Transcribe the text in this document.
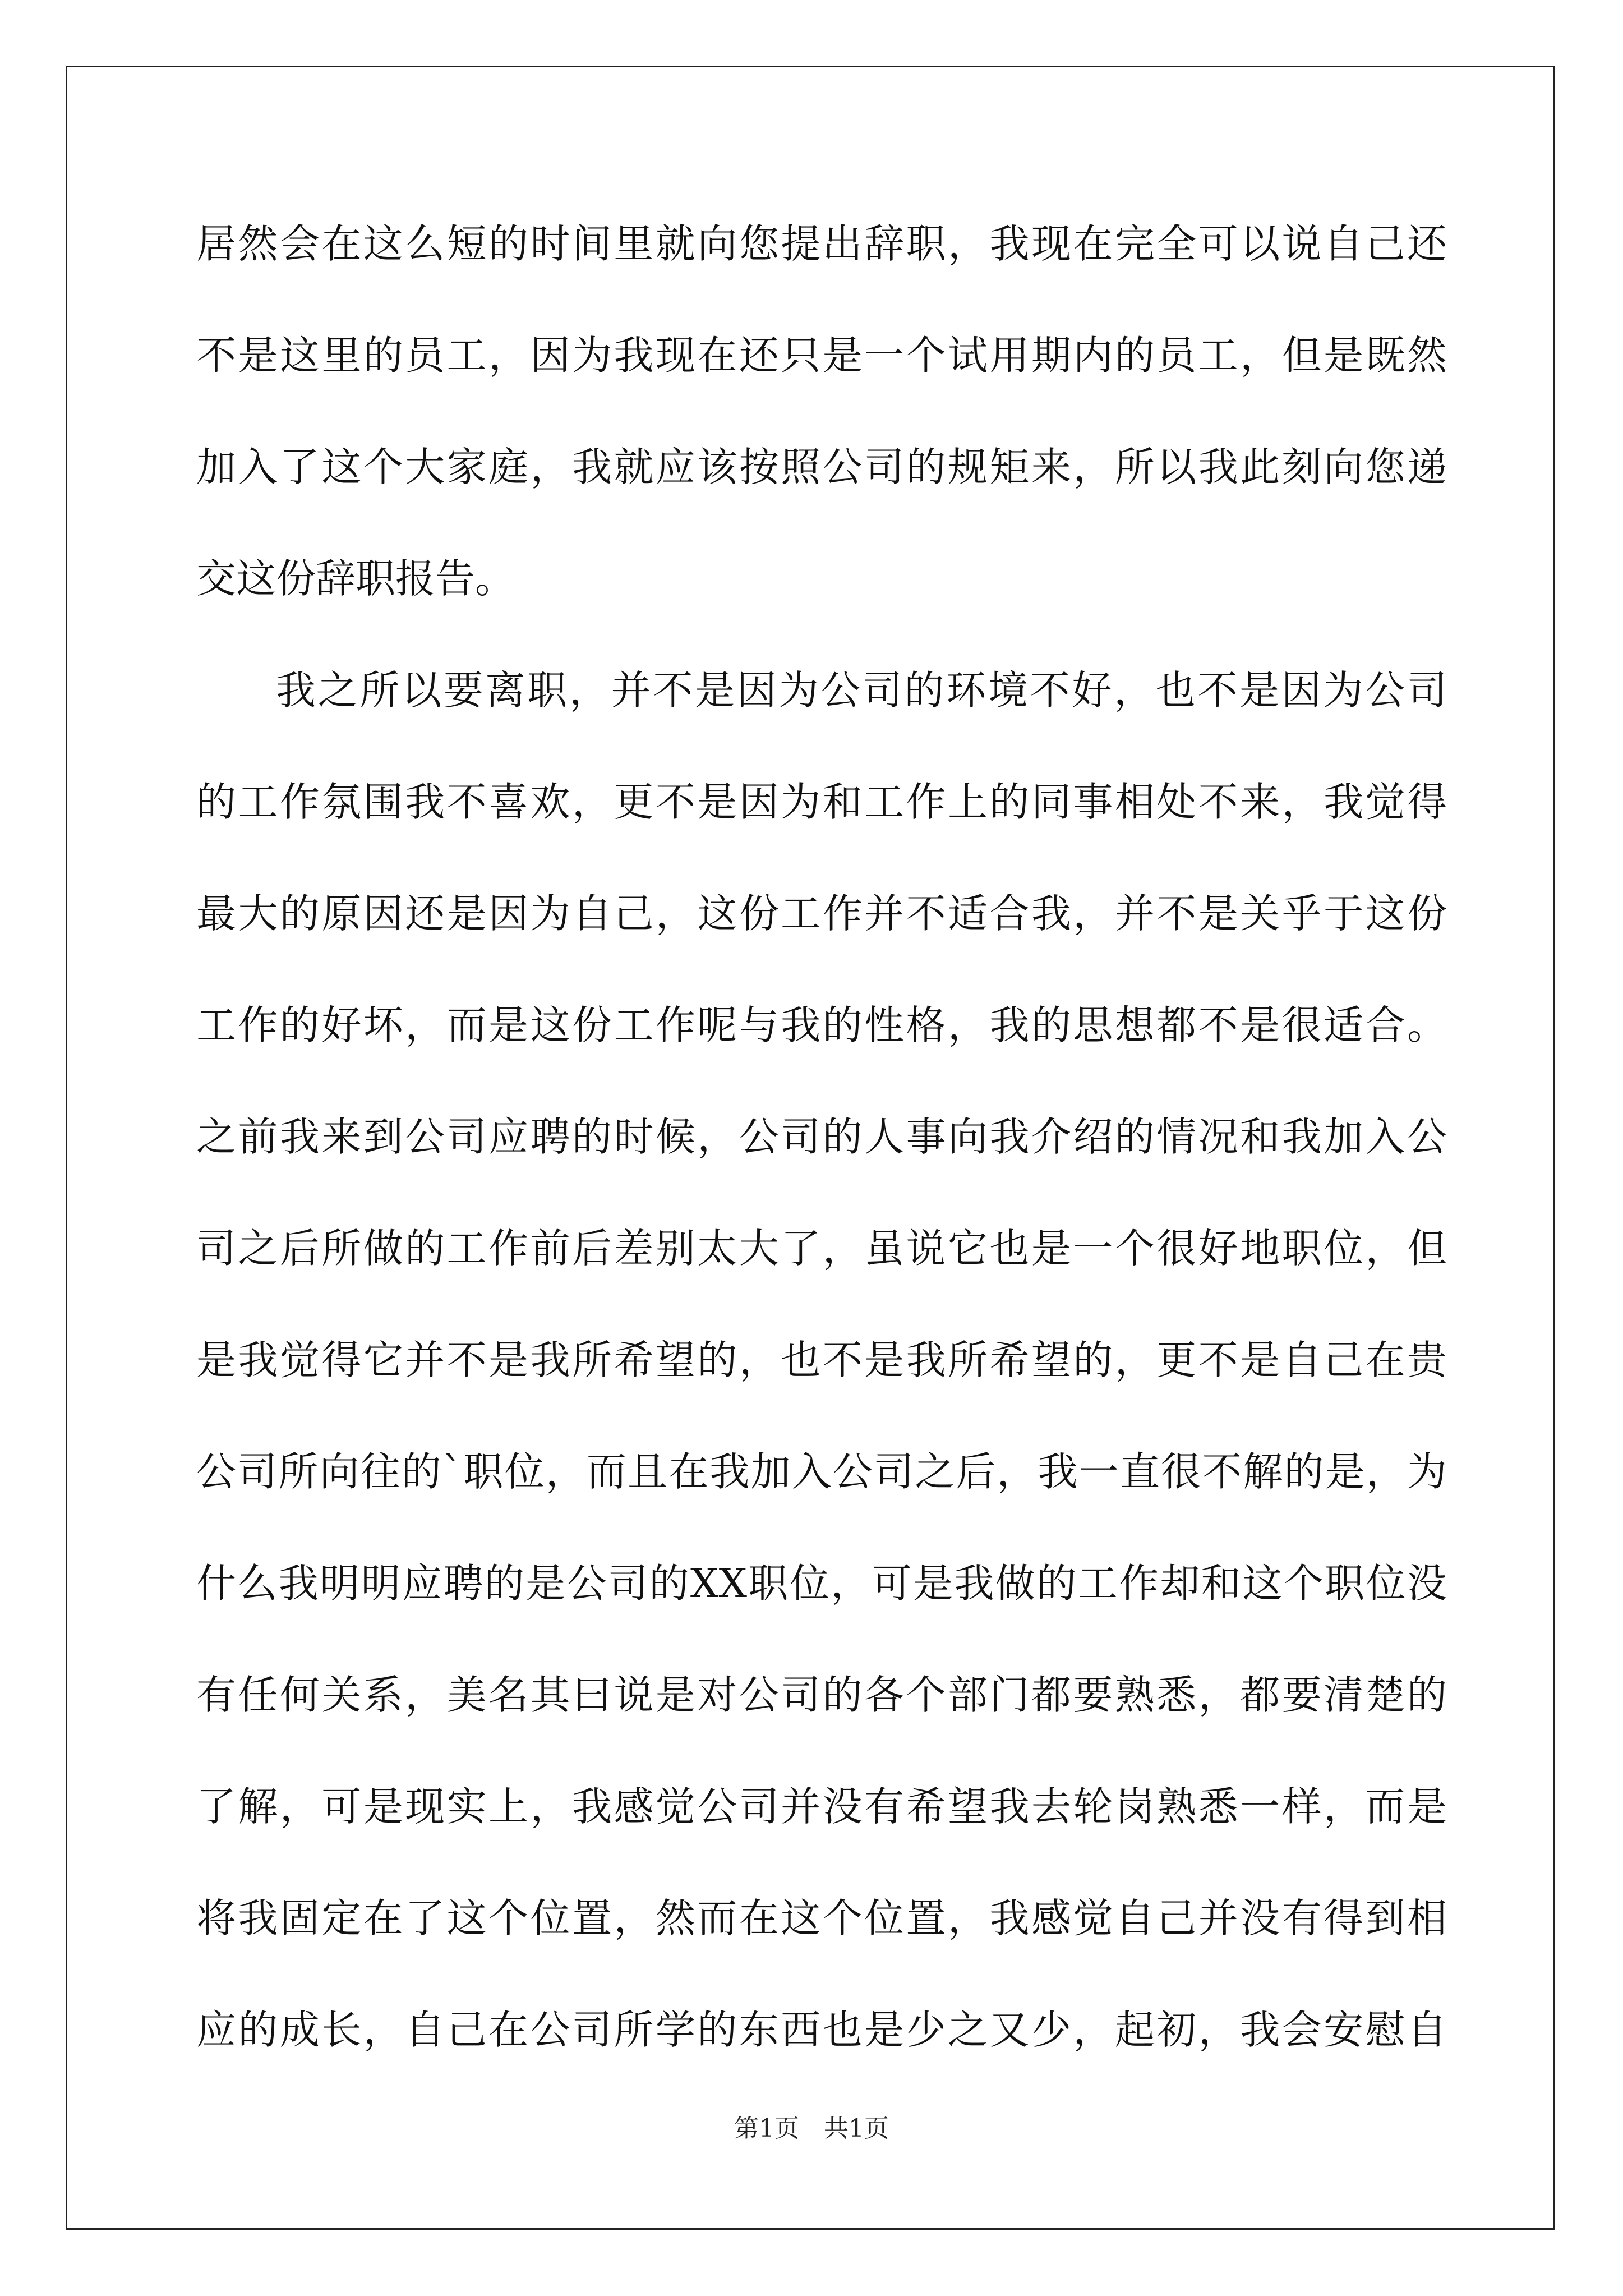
居然会在这么短的时间里就向您提出辞职，我现在完全可以说自己还
不是这里的员工，因为我现在还只是一个试用期内的员工，但是既然
加入了这个大家庭，我就应该按照公司的规矩来，所以我此刻向您递
交这份辞职报告。
我之所以要离职，并不是因为公司的环境不好，也不是因为公司
的工作氛围我不喜欢，更不是因为和工作上的同事相处不来，我觉得
最大的原因还是因为自己，这份工作并不适合我，并不是关乎于这份
工作的好坏，而是这份工作呢与我的性格，我的思想都不是很适合。
之前我来到公司应聘的时候，公司的人事向我介绍的情况和我加入公
司之后所做的工作前后差别太大了，虽说它也是一个很好地职位，但
是我觉得它并不是我所希望的，也不是我所希望的，更不是自己在贵
公司所向往的`职位，而且在我加入公司之后，我一直很不解的是，为
什么我明明应聘的是公司的XX职位，可是我做的工作却和这个职位没
有任何关系，美名其曰说是对公司的各个部门都要熟悉，都要清楚的
了解，可是现实上，我感觉公司并没有希望我去轮岗熟悉一样，而是
将我固定在了这个位置，然而在这个位置，我感觉自己并没有得到相
应的成长，自己在公司所学的东西也是少之又少，起初，我会安慰自
第1页　共1页
